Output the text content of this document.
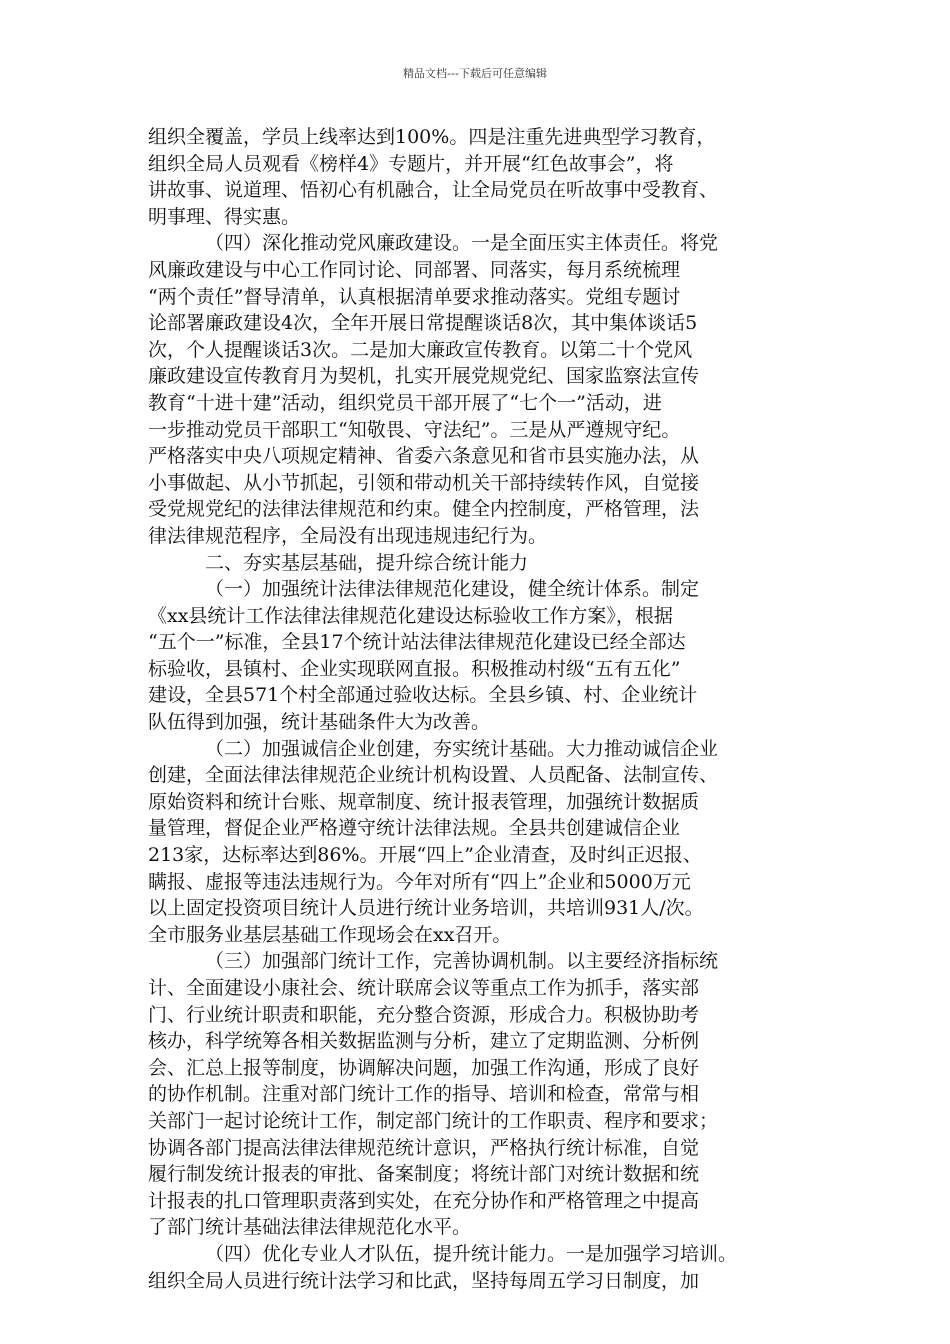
精品文档---下载后可任意编辑

组织全覆盖，学员上线率达到100%。四是注重先进典型学习教育，

组织全局人员观看《榜样4》专题片，并开展“红色故事会”，将

讲故事、说道理、悟初心有机融合，让全局党员在听故事中受教育、

明事理、得实惠。

（四）深化推动党风廉政建设。一是全面压实主体责任。将党

风廉政建设与中心工作同讨论、同部署、同落实，每月系统梳理

“两个责任”督导清单，认真根据清单要求推动落实。党组专题讨

论部署廉政建设4次，全年开展日常提醒谈话8次，其中集体谈话5

次，个人提醒谈话3次。二是加大廉政宣传教育。以第二十个党风

廉政建设宣传教育月为契机，扎实开展党规党纪、国家监察法宣传

教育“十进十建”活动，组织党员干部开展了“七个一”活动，进

一步推动党员干部职工“知敬畏、守法纪”。三是从严遵规守纪。

严格落实中央八项规定精神、省委六条意见和省市县实施办法，从

小事做起、从小节抓起，引领和带动机关干部持续转作风，自觉接

受党规党纪的法律法律规范和约束。健全内控制度，严格管理，法

律法律规范程序，全局没有出现违规违纪行为。

二、夯实基层基础，提升综合统计能力

（一）加强统计法律法律规范化建设，健全统计体系。制定

《xx县统计工作法律法律规范化建设达标验收工作方案》，根据

“五个一”标准，全县17个统计站法律法律规范化建设已经全部达

标验收，县镇村、企业实现联网直报。积极推动村级“五有五化”

建设，全县571个村全部通过验收达标。全县乡镇、村、企业统计

队伍得到加强，统计基础条件大为改善。

（二）加强诚信企业创建，夯实统计基础。大力推动诚信企业

创建，全面法律法律规范企业统计机构设置、人员配备、法制宣传、

原始资料和统计台账、规章制度、统计报表管理，加强统计数据质

量管理，督促企业严格遵守统计法律法规。全县共创建诚信企业

213家，达标率达到86%。开展“四上”企业清查，及时纠正迟报、

瞒报、虚报等违法违规行为。今年对所有“四上”企业和5000万元

以上固定投资项目统计人员进行统计业务培训，共培训931人/次。

全市服务业基层基础工作现场会在xx召开。

（三）加强部门统计工作，完善协调机制。以主要经济指标统

计、全面建设小康社会、统计联席会议等重点工作为抓手，落实部

门、行业统计职责和职能，充分整合资源，形成合力。积极协助考

核办，科学统筹各相关数据监测与分析，建立了定期监测、分析例

会、汇总上报等制度，协调解决问题，加强工作沟通，形成了良好

的协作机制。注重对部门统计工作的指导、培训和检查，常常与相

关部门一起讨论统计工作，制定部门统计的工作职责、程序和要求；

协调各部门提高法律法律规范统计意识，严格执行统计标准，自觉

履行制发统计报表的审批、备案制度；将统计部门对统计数据和统

计报表的扎口管理职责落到实处，在充分协作和严格管理之中提高

了部门统计基础法律法律规范化水平。

（四）优化专业人才队伍，提升统计能力。一是加强学习培训。

组织全局人员进行统计法学习和比武，坚持每周五学习日制度，加
